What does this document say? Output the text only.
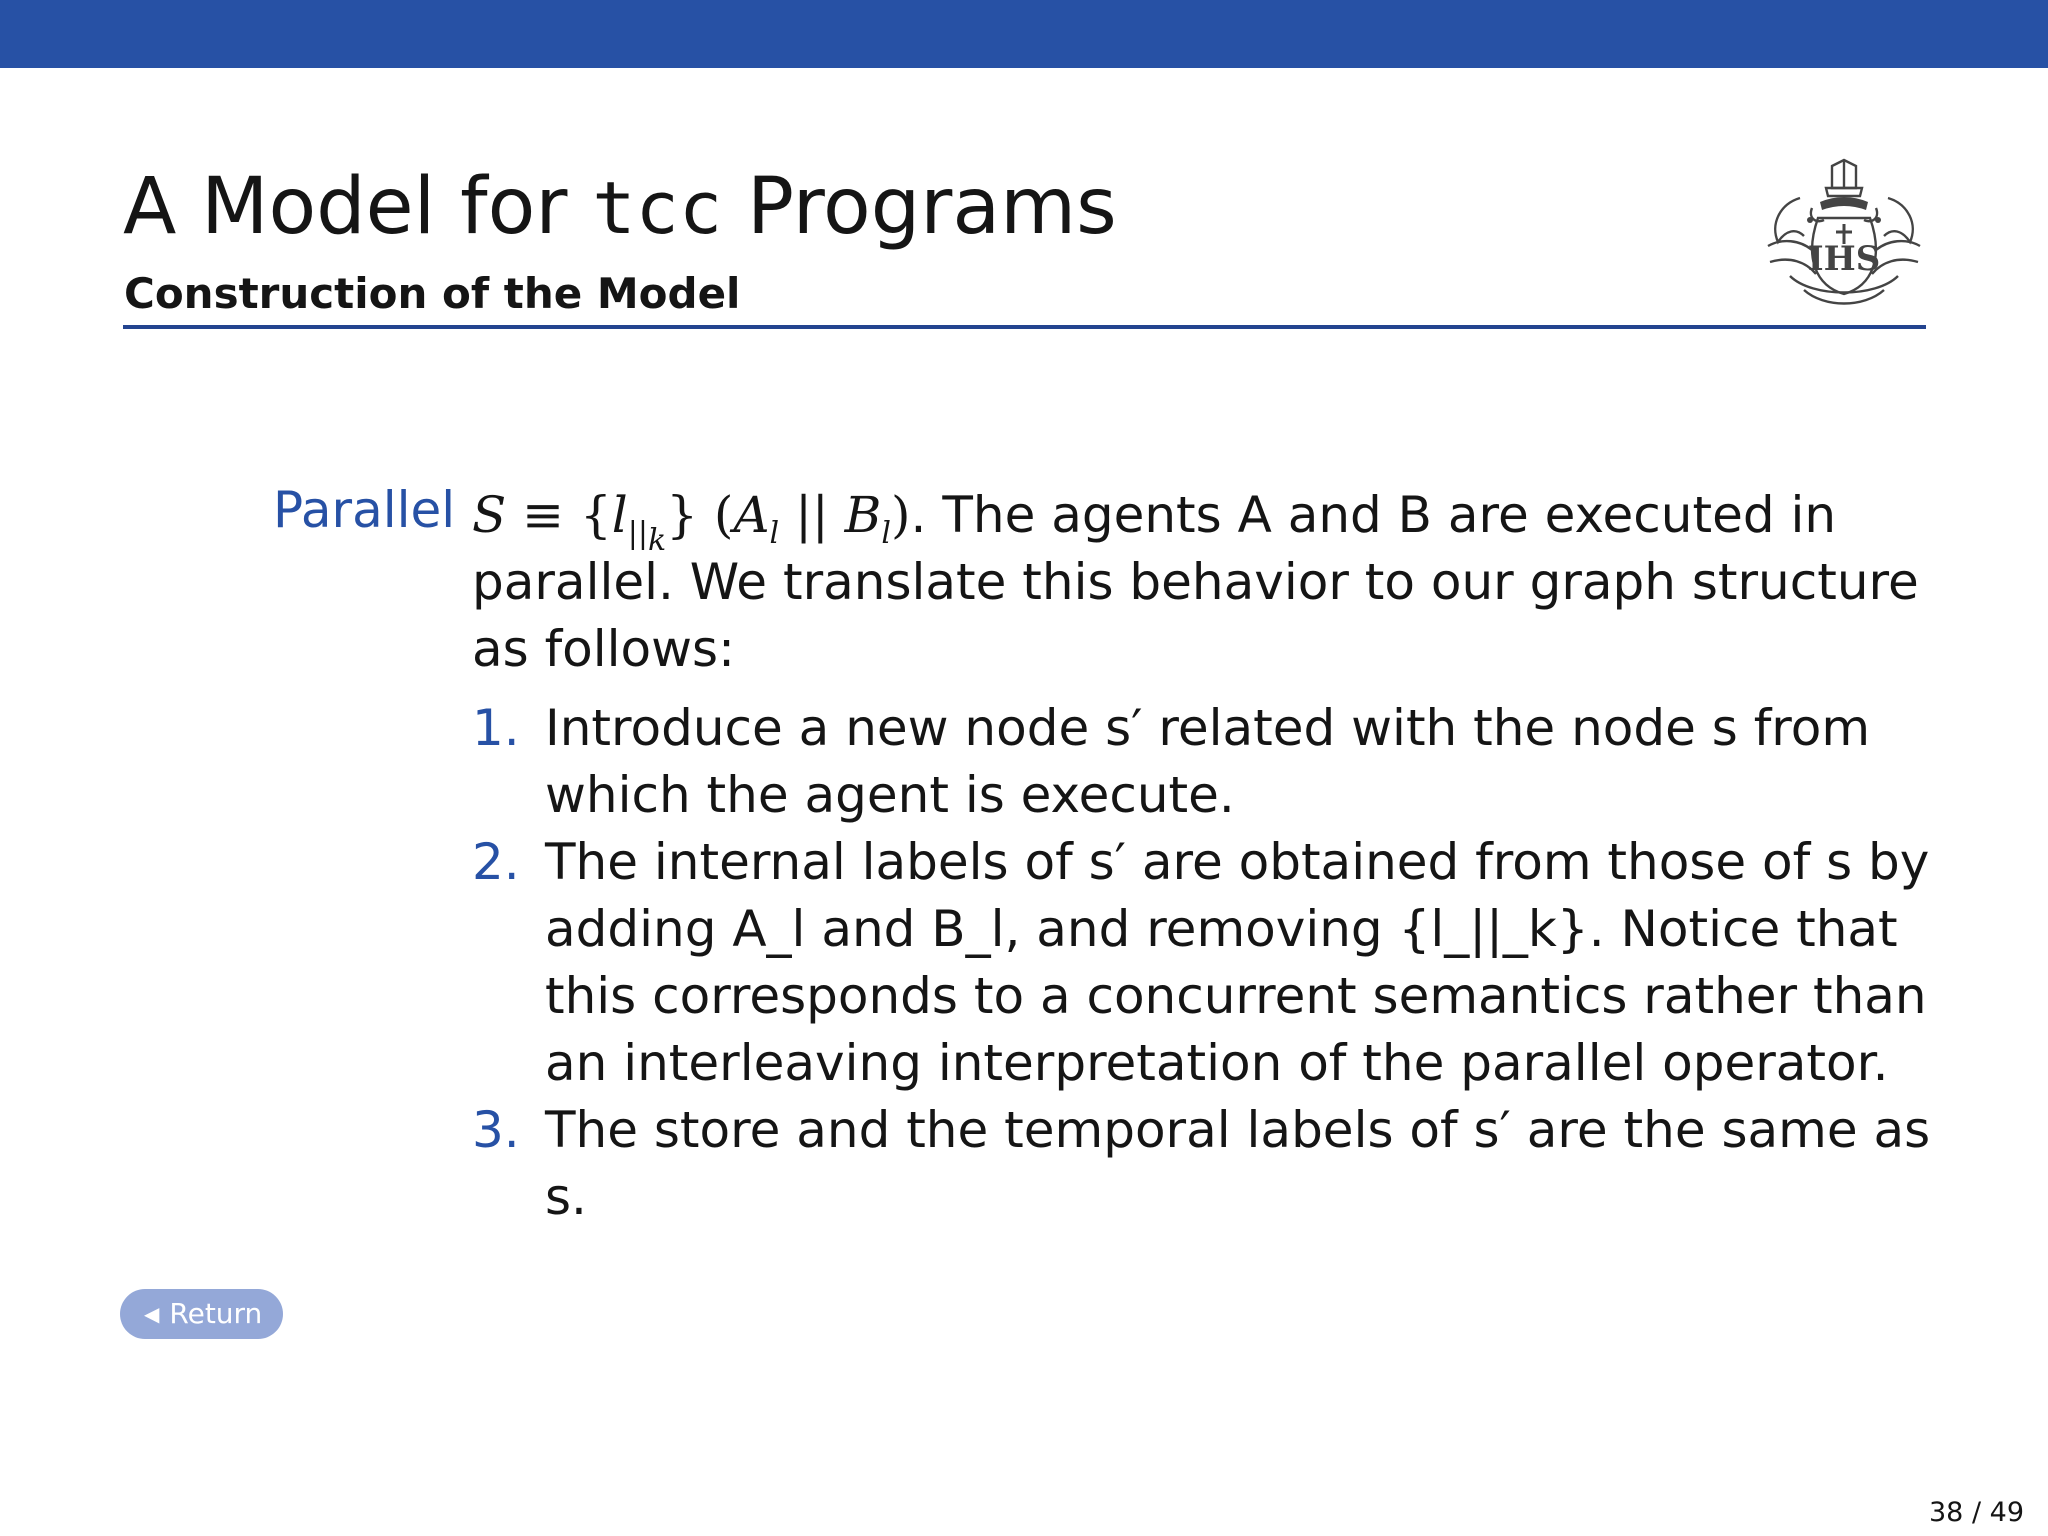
A Model for tcc Programs
Construction of the Model
IHS
Parallel $S \equiv \{l_{||_k}\}$ ($A_l$ || $B_l$). The agents A and B are executed in parallel. We translate this behavior to our graph structure as follows:

1. Introduce a new node s′ related with the node s from which the agent is execute.
2. The internal labels of s′ are obtained from those of s by adding A_l and B_l, and removing {l_||_k}. Notice that this corresponds to a concurrent semantics rather than an interleaving interpretation of the parallel operator.
3. The store and the temporal labels of s′ are the same as s.
◀ Return
38 / 49
